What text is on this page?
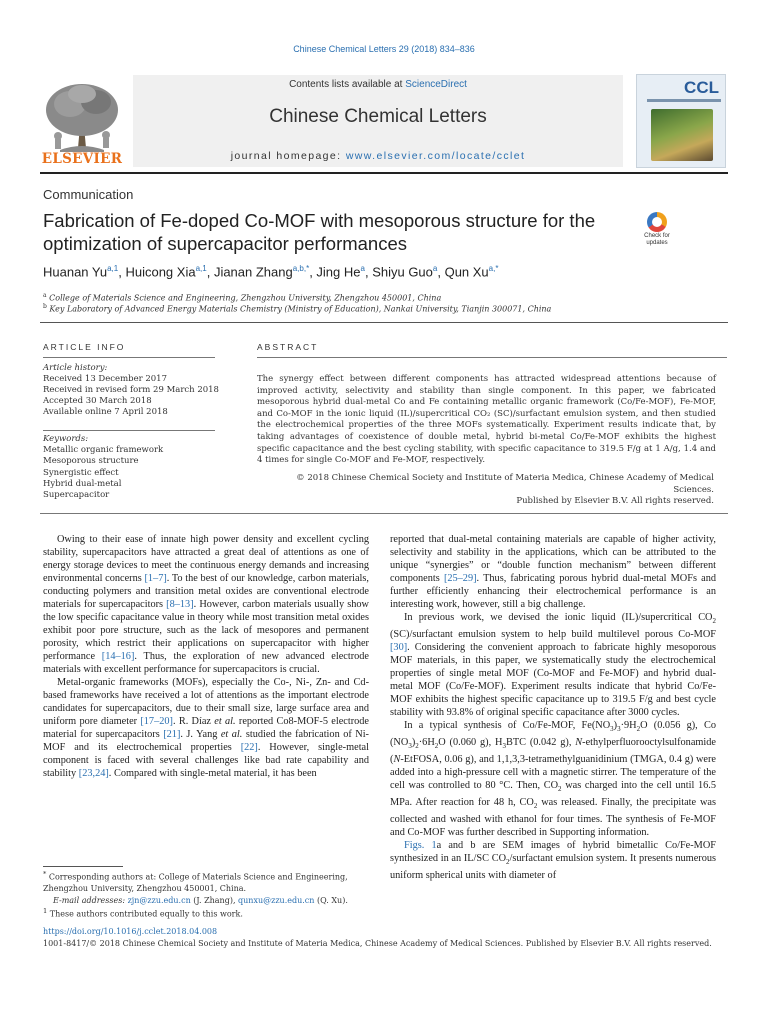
Chinese Chemical Letters 29 (2018) 834–836
ELSEVIER
Contents lists available at ScienceDirect
Chinese Chemical Letters
journal homepage: www.elsevier.com/locate/cclet
CCL
Communication
Fabrication of Fe-doped Co-MOF with mesoporous structure for the optimization of supercapacitor performances	Check for
updates
Huanan Yu$^{a,1}$, Huicong Xia$^{a,1}$, Jianan Zhang$^{a,b,*}$, Jing He$^a$, Shiyu Guo$^a$, Qun $Xu^{a,*}$
$^a$ College of Materials Science and Engineering, Zhengzhou University, Zhengzhou 450001, China
$^b$ Key Laboratory of Advanced Energy Materials Chemistry (Ministry of Education), Nankai University, Tianjin 300071, China
ARTICLE INFO	ABSTRACT
Article history:
Received 13 December 2017
Received in revised form 29 March 2018
Accepted 30 March 2018
Available online 7 April 2018
Keywords:
Metallic organic framework
Mesoporous structure
Synergistic effect
Hybrid dual-metal
Supercapacitor
The synergy effect between different components has attracted widespread attentions because of improved activity, selectivity and stability than single component. In this paper, we fabricated mesoporous hybrid dual-metal Co and Fe containing metallic organic framework (Co/Fe-MOF), Fe-MOF, and Co-MOF in the ionic liquid (IL)/supercritical CO₂ (SC)/surfactant emulsion system, and then studied the electrochemical properties of the three MOFs systematically. Experiment results indicate that, by taking advantages of coexistence of double metal, hybrid bi-metal Co/Fe-MOF exhibits the highest specific capacitance and the best cycling stability, with specific capacitance to 319.5 F/g at 1 A/g, 1.4 and 4 times for single Co-MOF and Fe-MOF, respectively.
© 2018 Chinese Chemical Society and Institute of Materia Medica, Chinese Academy of Medical Sciences.
Published by Elsevier B.V. All rights reserved.

Owing to their ease of innate high power density and excellent cycling stability, supercapacitors have attracted a great deal of attentions as one of energy storage devices to meet the continuous energy demands and increasing environmental concerns [1–7]. To the best of our knowledge, carbon materials, conducting polymers and transition metal oxides are conventional electrode materials for supercapacitors [8–13]. However, carbon materials usually show the low specific capacitance value in theory while most transition metal oxides exhibit poor pore structure, such as the lack of mesopores and permanent porosity, which restrict their applications on supercapacitor with higher performance [14–16]. Thus, the exploration of new advanced electrode materials with excellent performance for supercapacitors is crucial.

Metal-organic frameworks (MOFs), especially the Co-, Ni-, Zn- and Cd-based frameworks have received a lot of attentions as the important electrode candidates for supercapacitors, due to their small size, large surface area and uniform pore diameter [17–20]. R. Díaz et al. reported Co8-MOF-5 electrode material for supercapacitors [21]. J. Yang et al. studied the fabrication of Ni-MOF and its electrochemical properties [22]. However, single-metal component is faced with several challenges like bad rate capability and stability [23,24]. Compared with single-metal material, it has been

reported that dual-metal containing materials are capable of higher activity, selectivity and stability in the applications, which can be attributed to the unique “synergies” or “double function mechanism” between different components [25–29]. Thus, fabricating porous hybrid dual-metal MOFs and further efficiently enhancing their electrochemical performance is an interesting work, however, still a big challenge.

In previous work, we devised the ionic liquid (IL)/supercritical $CO_2$ (SC)/surfactant emulsion system to help build multilevel porous Co-MOF [30]. Considering the convenient approach to fabricate highly mesoporous MOF materials, in this paper, we systematically study the electrochemical properties of single metal MOF (Co-MOF and Fe-MOF) and hybrid dual-metal MOF (Co/Fe-MOF). Experiment results indicate that hybrid Co/Fe-MOF exhibits the highest specific capacitance up to 319.5 F/g and best cycle stability with 93.8% of original specific capacitance after 3000 cycles.

In a typical synthesis of Co/Fe-MOF, $Fe(NO_3)_3\cdot 9H_2O$ (0.056 g), Co $(NO_3)_2\cdot 6H_2O$ (0.060 g), $H_3BTC$ (0.042 g), N-ethylperfluorooctylsulfonamide (N-EtFOSA, 0.06 g), and 1,1,3,3-tetramethylguanidinium (TMGA, 0.4 g) were added into a high-pressure cell with a magnetic stirrer. The temperature of the cell was controlled to 80 °C. Then, $CO_2$ was charged into the cell until 16.5 MPa. After reaction for 48 h, $CO_2$ was released. Finally, the precipitate was collected and washed with ethanol for four times. The synthesis of Fe-MOF and Co-MOF was further described in Supporting information.

Figs. 1a and b are SEM images of hybrid bimetallic Co/Fe-MOF synthesized in an IL/SC $CO_2$/surfactant emulsion system. It presents numerous uniform spherical units with diameter of

* Corresponding authors at: College of Materials Science and Engineering, Zhengzhou University, Zhengzhou 450001, China.
E-mail addresses: zjn@zzu.edu.cn (J. Zhang), qunxu@zzu.edu.cn (Q. Xu).
$^1$ These authors contributed equally to this work.
https://doi.org/10.1016/j.cclet.2018.04.008
1001-8417/© 2018 Chinese Chemical Society and Institute of Materia Medica, Chinese Academy of Medical Sciences. Published by Elsevier B.V. All rights reserved.
